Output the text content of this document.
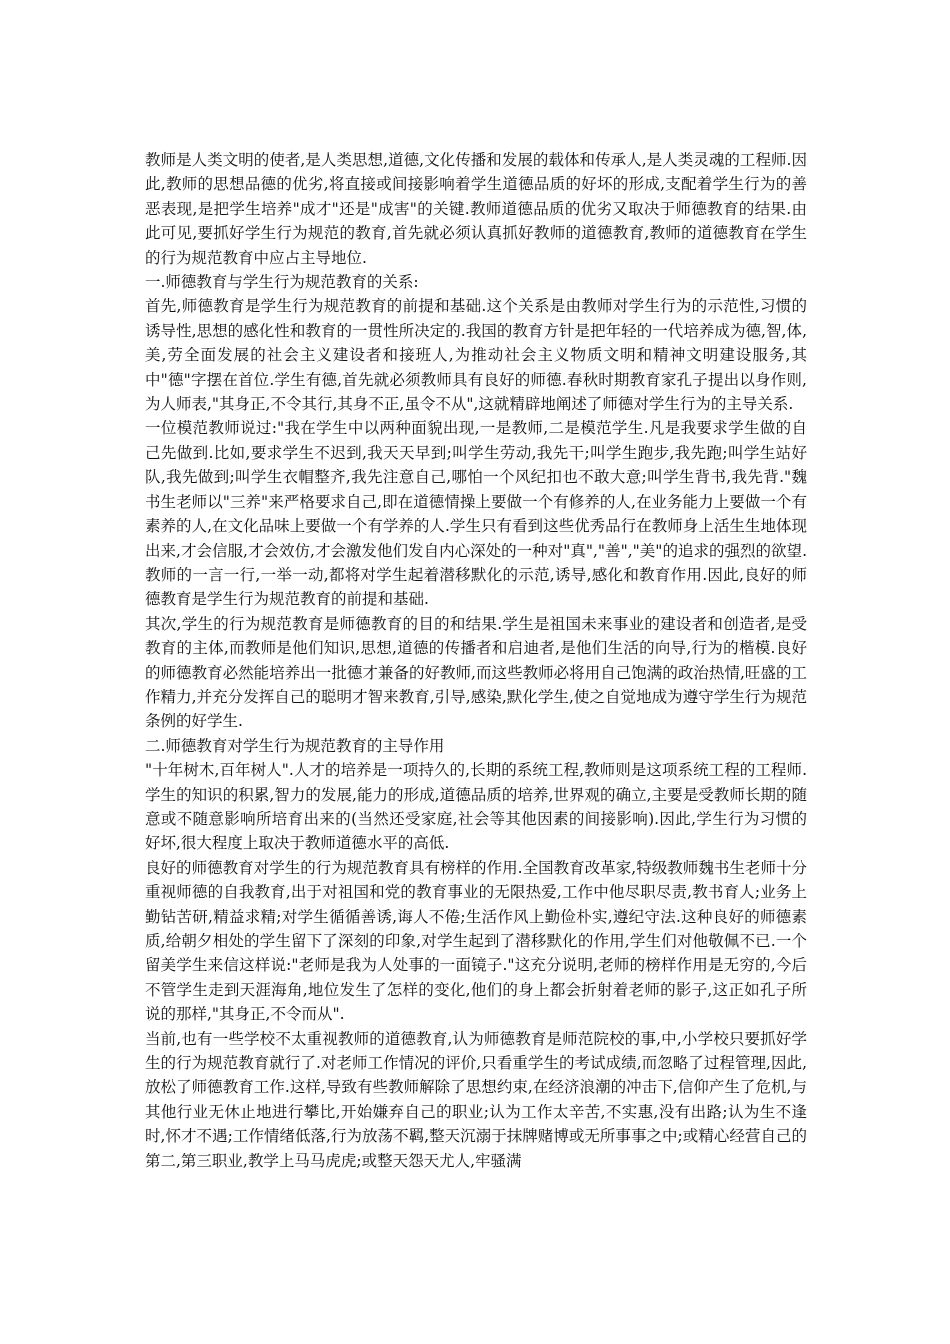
教师是人类文明的使者,是人类思想,道德,文化传播和发展的载体和传承人,是人类灵魂的工程师.因此,教师的思想品德的优劣,将直接或间接影响着学生道德品质的好坏的形成,支配着学生行为的善恶表现,是把学生培养"成才"还是"成害"的关键.教师道德品质的优劣又取决于师德教育的结果.由此可见,要抓好学生行为规范的教育,首先就必须认真抓好教师的道德教育,教师的道德教育在学生的行为规范教育中应占主导地位.

一.师德教育与学生行为规范教育的关系:

首先,师德教育是学生行为规范教育的前提和基础.这个关系是由教师对学生行为的示范性,习惯的诱导性,思想的感化性和教育的一贯性所决定的.我国的教育方针是把年轻的一代培养成为德,智,体,美,劳全面发展的社会主义建设者和接班人,为推动社会主义物质文明和精神文明建设服务,其中"德"字摆在首位.学生有德,首先就必须教师具有良好的师德.春秋时期教育家孔子提出以身作则,为人师表,"其身正,不令其行,其身不正,虽令不从",这就精辟地阐述了师德对学生行为的主导关系.

一位模范教师说过:"我在学生中以两种面貌出现,一是教师,二是模范学生.凡是我要求学生做的自己先做到.比如,要求学生不迟到,我天天早到;叫学生劳动,我先干;叫学生跑步,我先跑;叫学生站好队,我先做到;叫学生衣帽整齐,我先注意自己,哪怕一个风纪扣也不敢大意;叫学生背书,我先背."魏书生老师以"三养"来严格要求自己,即在道德情操上要做一个有修养的人,在业务能力上要做一个有素养的人,在文化品味上要做一个有学养的人.学生只有看到这些优秀品行在教师身上活生生地体现出来,才会信服,才会效仿,才会激发他们发自内心深处的一种对"真","善","美"的追求的强烈的欲望.教师的一言一行,一举一动,都将对学生起着潜移默化的示范,诱导,感化和教育作用.因此,良好的师德教育是学生行为规范教育的前提和基础.

其次,学生的行为规范教育是师德教育的目的和结果.学生是祖国未来事业的建设者和创造者,是受教育的主体,而教师是他们知识,思想,道德的传播者和启迪者,是他们生活的向导,行为的楷模.良好的师德教育必然能培养出一批德才兼备的好教师,而这些教师必将用自己饱满的政治热情,旺盛的工作精力,并充分发挥自己的聪明才智来教育,引导,感染,默化学生,使之自觉地成为遵守学生行为规范条例的好学生.

二.师德教育对学生行为规范教育的主导作用

"十年树木,百年树人".人才的培养是一项持久的,长期的系统工程,教师则是这项系统工程的工程师.学生的知识的积累,智力的发展,能力的形成,道德品质的培养,世界观的确立,主要是受教师长期的随意或不随意影响所培育出来的(当然还受家庭,社会等其他因素的间接影响).因此,学生行为习惯的好坏,很大程度上取决于教师道德水平的高低.

良好的师德教育对学生的行为规范教育具有榜样的作用.全国教育改革家,特级教师魏书生老师十分重视师德的自我教育,出于对祖国和党的教育事业的无限热爱,工作中他尽职尽责,教书育人;业务上勤钻苦研,精益求精;对学生循循善诱,诲人不倦;生活作风上勤俭朴实,遵纪守法.这种良好的师德素质,给朝夕相处的学生留下了深刻的印象,对学生起到了潜移默化的作用,学生们对他敬佩不已.一个留美学生来信这样说:"老师是我为人处事的一面镜子."这充分说明,老师的榜样作用是无穷的,今后不管学生走到天涯海角,地位发生了怎样的变化,他们的身上都会折射着老师的影子,这正如孔子所说的那样,"其身正,不令而从".

当前,也有一些学校不太重视教师的道德教育,认为师德教育是师范院校的事,中,小学校只要抓好学生的行为规范教育就行了.对老师工作情况的评价,只看重学生的考试成绩,而忽略了过程管理,因此,放松了师德教育工作.这样,导致有些教师解除了思想约束,在经济浪潮的冲击下,信仰产生了危机,与其他行业无休止地进行攀比,开始嫌弃自己的职业;认为工作太辛苦,不实惠,没有出路;认为生不逢时,怀才不遇;工作情绪低落,行为放荡不羁,整天沉溺于抹牌赌博或无所事事之中;或精心经营自己的第二,第三职业,教学上马马虎虎;或整天怨天尤人,牢骚满
